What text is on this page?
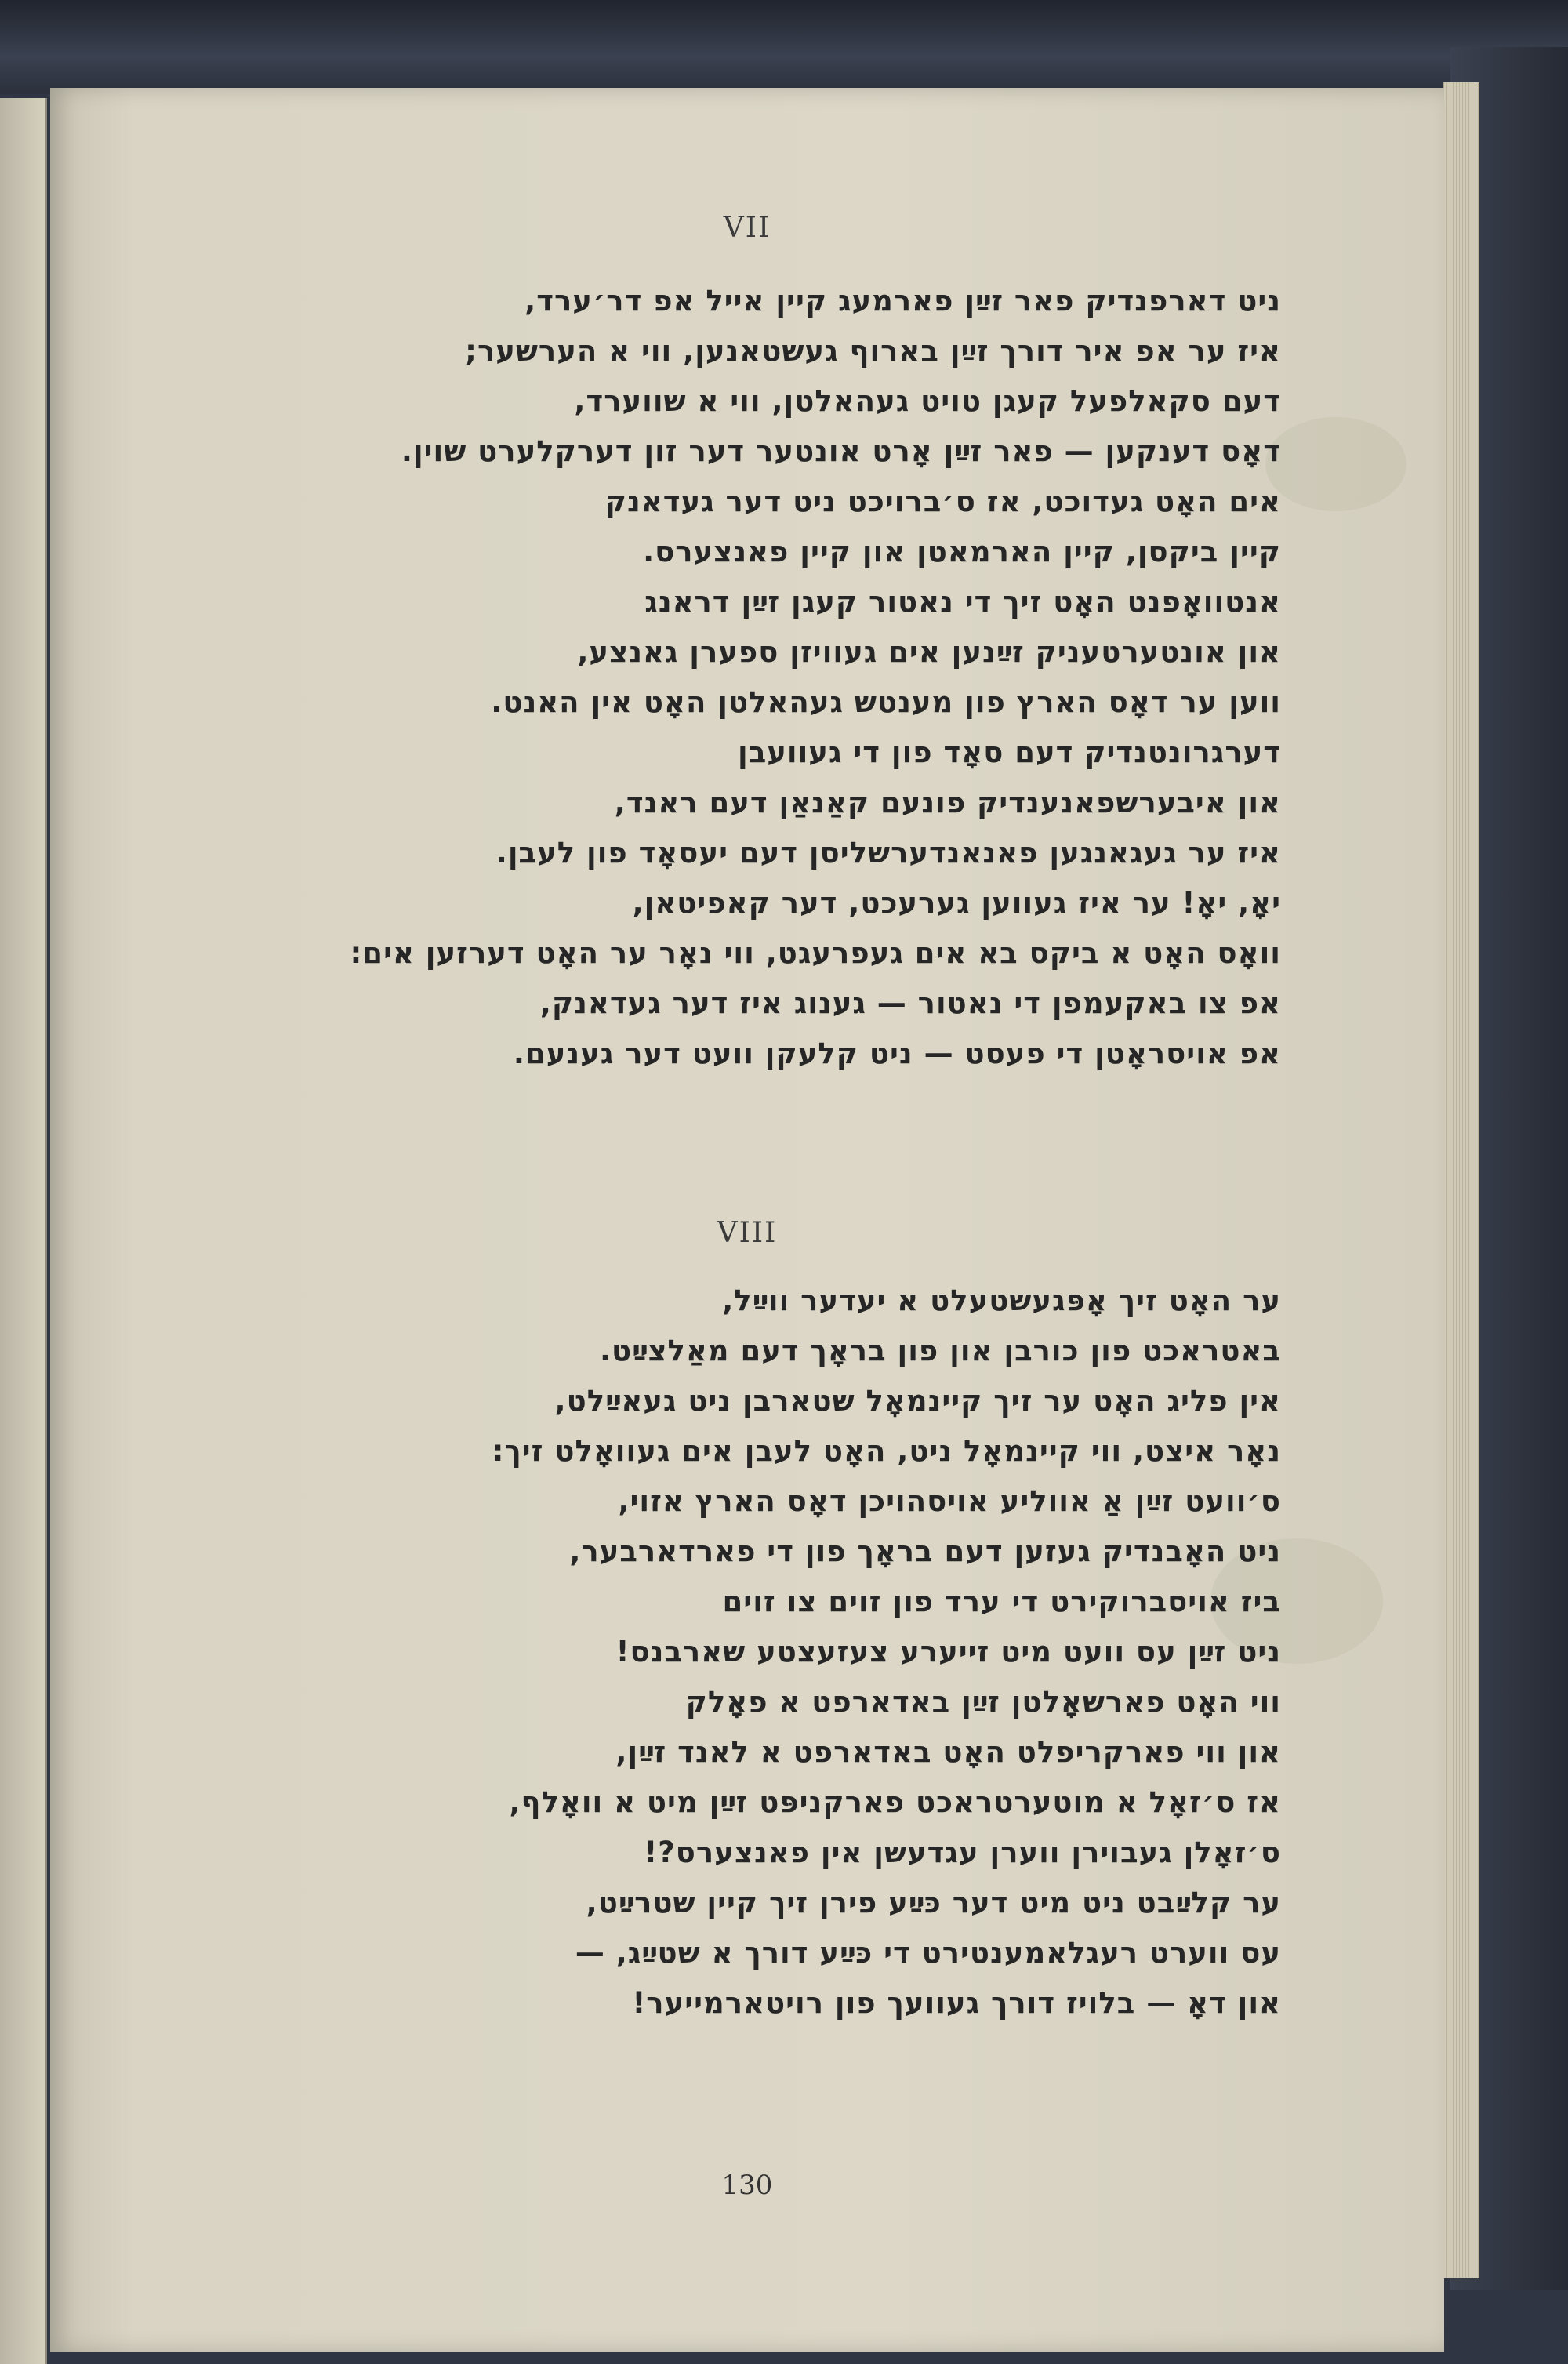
VII
ניט דארפנדיק פאר זײַן פארמעג קיין אייל אפ דר׳ערד,
איז ער אפ איר דורך זײַן בארוף געשטאנען, ווי א הערשער;
דעם סקאלפעל קעגן טויט געהאלטן, ווי א שווערד,
דאָס דענקען — פאר זײַן אָרט אונטער דער זון דערקלערט שוין.
אים האָט געדוכט, אז ס׳ברויכט ניט דער געדאנק
קיין ביקסן, קיין הארמאטן און קיין פאנצערס.
אנטוואָפנט האָט זיך די נאטור קעגן זײַן דראנג
און אונטערטעניק זײַנען אים געוויזן ספערן גאנצע,
ווען ער דאָס הארץ פון מענטש געהאלטן האָט אין האנט.
דערגרונטנדיק דעם סאָד פון די געוועבן
און איבערשפאנענדיק פונעם קאַנאַן דעם ראנד,
איז ער געגאנגען פאנאנדערשליסן דעם יעסאָד פון לעבן.
יאָ, יאָ! ער איז געווען גערעכט, דער קאפיטאן,
וואָס האָט א ביקס בא אים געפרעגט, ווי נאָר ער האָט דערזען אים:
אפ צו באקעמפן די נאטור — גענוג איז דער געדאנק,
אפ אויסראָטן די פעסט — ניט קלעקן וועט דער גענעם.
VIII
ער האָט זיך אָפּגעשטעלט א יעדער ווײַל,
באטראכט פון כורבן און פון בראָך דעם מאַלצײַט.
אין פליג האָט ער זיך קיינמאָל שטארבן ניט געאײַלט,
נאָר איצט, ווי קיינמאָל ניט, האָט לעבן אים געוואָלט זיך:
ס׳וועט זײַן אַ אווליע אויסהויכן דאָס הארץ אזוי,
ניט האָבנדיק געזען דעם בראָך פון די פארדארבער,
ביז אויסברוקירט די ערד פון זוים צו זוים
ניט זײַן עס וועט מיט זייערע צעזעצטע שארבנס!
ווי האָט פארשאָלטן זײַן באדארפט א פאָלק
און ווי פארקריפלט האָט באדארפט א לאנד זײַן,
אז ס׳זאָל א מוטערטראכט פארקניפּט זײַן מיט א וואָלף,
ס׳זאָלן געבוירן ווערן עגדעשן אין פאנצערס?!
ער קלײַבט ניט מיט דער כּײַע פירן זיך קיין שטרײַט,
עס ווערט רעגלאמענטירט די כּײַע דורך א שטײַג, —
און דאָ — בלויז דורך געוועך פון רויטארמייער!
130
